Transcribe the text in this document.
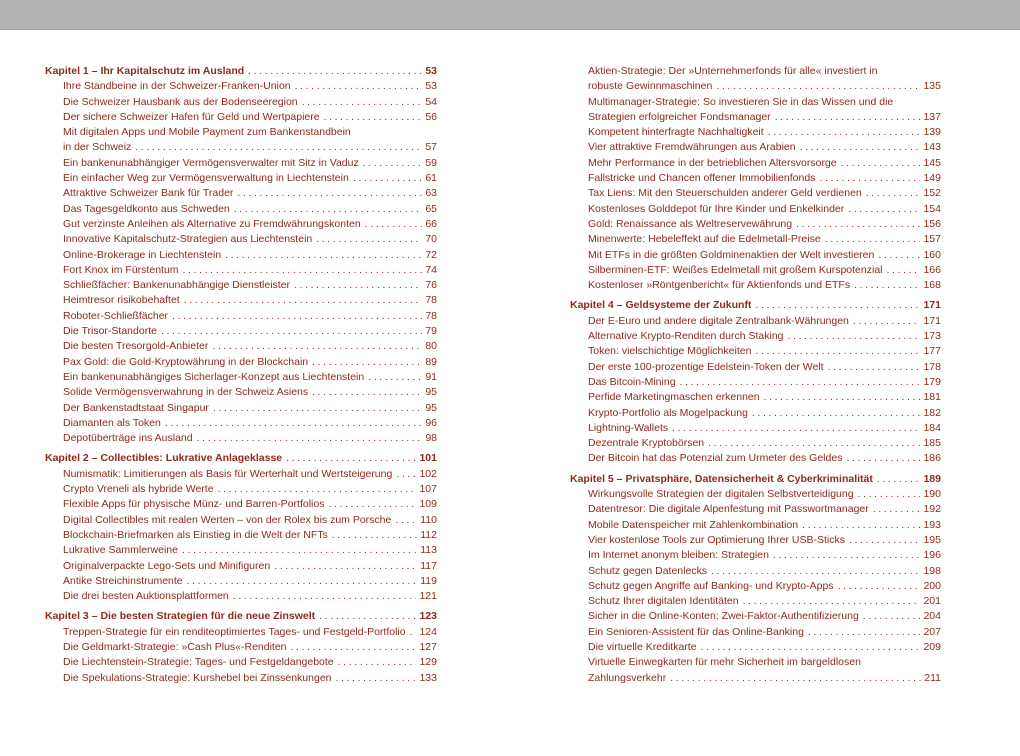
Kapitel 1 – Ihr Kapitalschutz im Ausland .....	53
Ihre Standbeine in der Schweizer-Franken-Union .....	53
Die Schweizer Hausbank aus der Bodenseeregion .....	54
Der sichere Schweizer Hafen für Geld und Wertpapiere .....	56
Mit digitalen Apps und Mobile Payment zum Bankenstandbein
in der Schweiz .....	57
Ein bankenunabhängiger Vermögensverwalter mit Sitz in Vaduz .....	59
Ein einfacher Weg zur Vermögensverwaltung in Liechtenstein .....	61
Attraktive Schweizer Bank für Trader .....	63
Das Tagesgeldkonto aus Schweden .....	65
Gut verzinste Anleihen als Alternative zu Fremdwährungskonten .....	66
Innovative Kapitalschutz-Strategien aus Liechtenstein .....	70
Online-Brokerage in Liechtenstein .....	72
Fort Knox im Fürstentum .....	74
Schließfächer: Bankenunabhängige Dienstleister .....	76
Heimtresor risikobehaftet .....	78
Roboter-Schließfächer .....	78
Die Trisor-Standorte .....	79
Die besten Tresorgold-Anbieter .....	80
Pax Gold: die Gold-Kryptowährung in der Blockchain .....	89
Ein bankenunabhängiges Sicherlager-Konzept aus Liechtenstein .....	91
Solide Vermögensverwahrung in der Schweiz Asiens .....	95
Der Bankenstadtstaat Singapur .....	95
Diamanten als Token .....	96
Depotüberträge ins Ausland .....	98
Kapitel 2 – Collectibles: Lukrative Anlageklasse .....	101
Numismatik: Limitierungen als Basis für Werterhalt und Wertsteigerung .....	102
Crypto Vreneli als hybride Werte .....	107
Flexible Apps für physische Münz- und Barren-Portfolios .....	109
Digital Collectibles mit realen Werten – von der Rolex bis zum Porsche .....	110
Blockchain-Briefmarken als Einstieg in die Welt der NFTs .....	112
Lukrative Sammlerweine .....	113
Originalverpackte Lego-Sets und Minifiguren .....	117
Antike Streichinstrumente .....	119
Die drei besten Auktionsplattformen .....	121
Kapitel 3 – Die besten Strategien für die neue Zinswelt .....	123
Treppen-Strategie für ein renditeoptimiertes Tages- und Festgeld-Portfolio ..... 124
Die Geldmarkt-Strategie: »Cash Plus«-Renditen .....	127
Die Liechtenstein-Strategie: Tages- und Festgeldangebote .....	129
Die Spekulations-Strategie: Kurshebel bei Zinssenkungen .....	133
Aktien-Strategie: Der »Unternehmerfonds für alle« investiert in
robuste Gewinnmaschinen .....	135
Multimanager-Strategie: So investieren Sie in das Wissen und die
Strategien erfolgreicher Fondsmanager .....	137
Kompetent hinterfragte Nachhaltigkeit .....	139
Vier attraktive Fremdwährungen aus Arabien .....	143
Mehr Performance in der betrieblichen Altersvorsorge .....	145
Fallstricke und Chancen offener Immobilienfonds .....	149
Tax Liens: Mit den Steuerschulden anderer Geld verdienen .....	152
Kostenloses Golddepot für Ihre Kinder und Enkelkinder .....	154
Gold: Renaissance als Weltreservewährung .....	156
Minenwerte: Hebeleffekt auf die Edelmetall-Preise .....	157
Mit ETFs in die größten Goldminenaktien der Welt investieren .....	160
Silberminen-ETF: Weißes Edelmetall mit großem Kurspotenzial .....	166
Kostenloser »Röntgenbericht« für Aktienfonds und ETFs .....	168
Kapitel 4 – Geldsysteme der Zukunft .....	171
Der E-Euro und andere digitale Zentralbank-Währungen .....	171
Alternative Krypto-Renditen durch Staking .....	173
Token: vielschichtige Möglichkeiten .....	177
Der erste 100-prozentige Edelstein-Token der Welt .....	178
Das Bitcoin-Mining .....	179
Perfide Marketingmaschen erkennen .....	181
Krypto-Portfolio als Mogelpackung .....	182
Lightning-Wallets .....	184
Dezentrale Kryptobörsen .....	185
Der Bitcoin hat das Potenzial zum Urmeter des Geldes .....	186
Kapitel 5 – Privatsphäre, Datensicherheit & Cyberkriminalität .....	189
Wirkungsvolle Strategien der digitalen Selbstverteidigung .....	190
Datentresor: Die digitale Alpenfestung mit Passwortmanager .....	192
Mobile Datenspeicher mit Zahlenkombination .....	193
Vier kostenlose Tools zur Optimierung Ihrer USB-Sticks .....	195
Im Internet anonym bleiben: Strategien .....	196
Schutz gegen Datenlecks .....	198
Schutz gegen Angriffe auf Banking- und Krypto-Apps .....	200
Schutz Ihrer digitalen Identitäten .....	201
Sicher in die Online-Konten: Zwei-Faktor-Authentifizierung .....	204
Ein Senioren-Assistent für das Online-Banking .....	207
Die virtuelle Kreditkarte .....	209
Virtuelle Einwegkarten für mehr Sicherheit im bargeldlosen
Zahlungsverkehr .....	211
